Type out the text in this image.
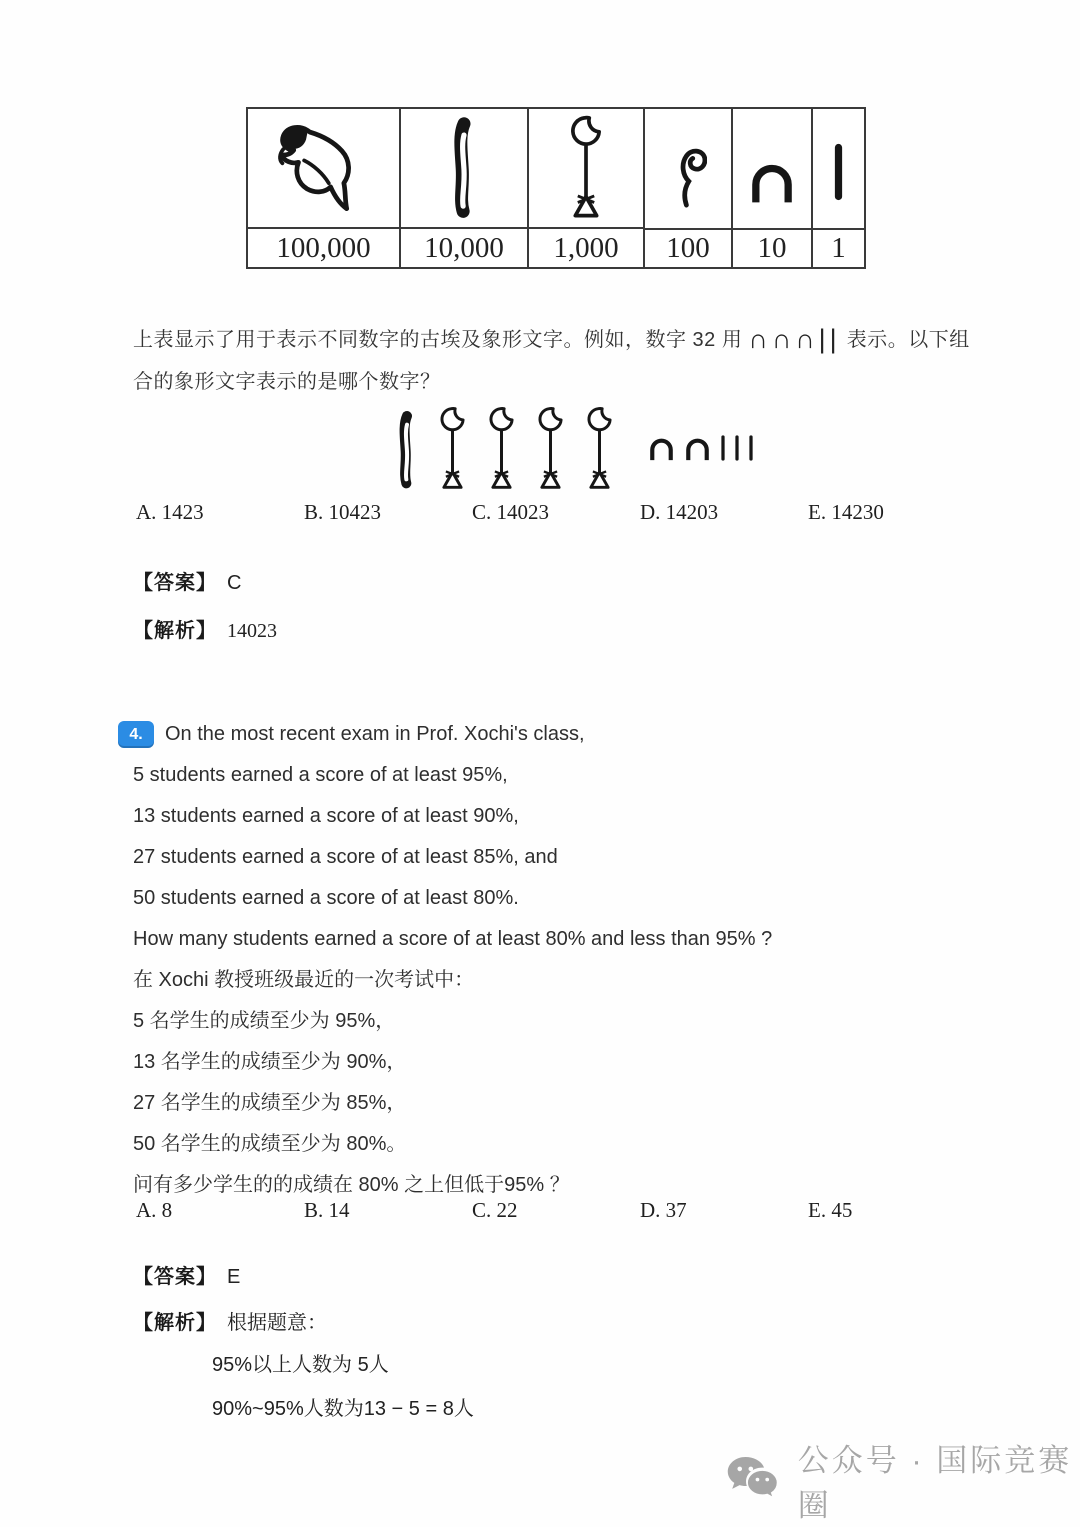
100,000	10,000	1,000	100	10	1

上表显示了用于表示不同数字的古埃及象形文字。例如，数字 32 用 ∩∩∩|| 表示。以下组合的象形文字表示的是哪个数字？

A. 1423	B. 10423	C. 14023	D. 14203	E. 14230
【答案】 C
【解析】 14023
4.	On the most recent exam in Prof. Xochi's class,
5 students earned a score of at least 95%,
13 students earned a score of at least 90%,
27 students earned a score of at least 85%, and
50 students earned a score of at least 80%.
How many students earned a score of at least 80% and less than 95% ?
在 Xochi 教授班级最近的一次考试中：
5 名学生的成绩至少为 95%，
13 名学生的成绩至少为 90%，
27 名学生的成绩至少为 85%，
50 名学生的成绩至少为 80%。
问有多少学生的的成绩在 80% 之上但低于95% ？
A. 8	B. 14	C. 22	D. 37	E. 45
【答案】 E
【解析】 根据题意：
95%以上人数为 5人
90%~95%人数为13 − 5 = 8人
公众号 · 国际竞赛圈
